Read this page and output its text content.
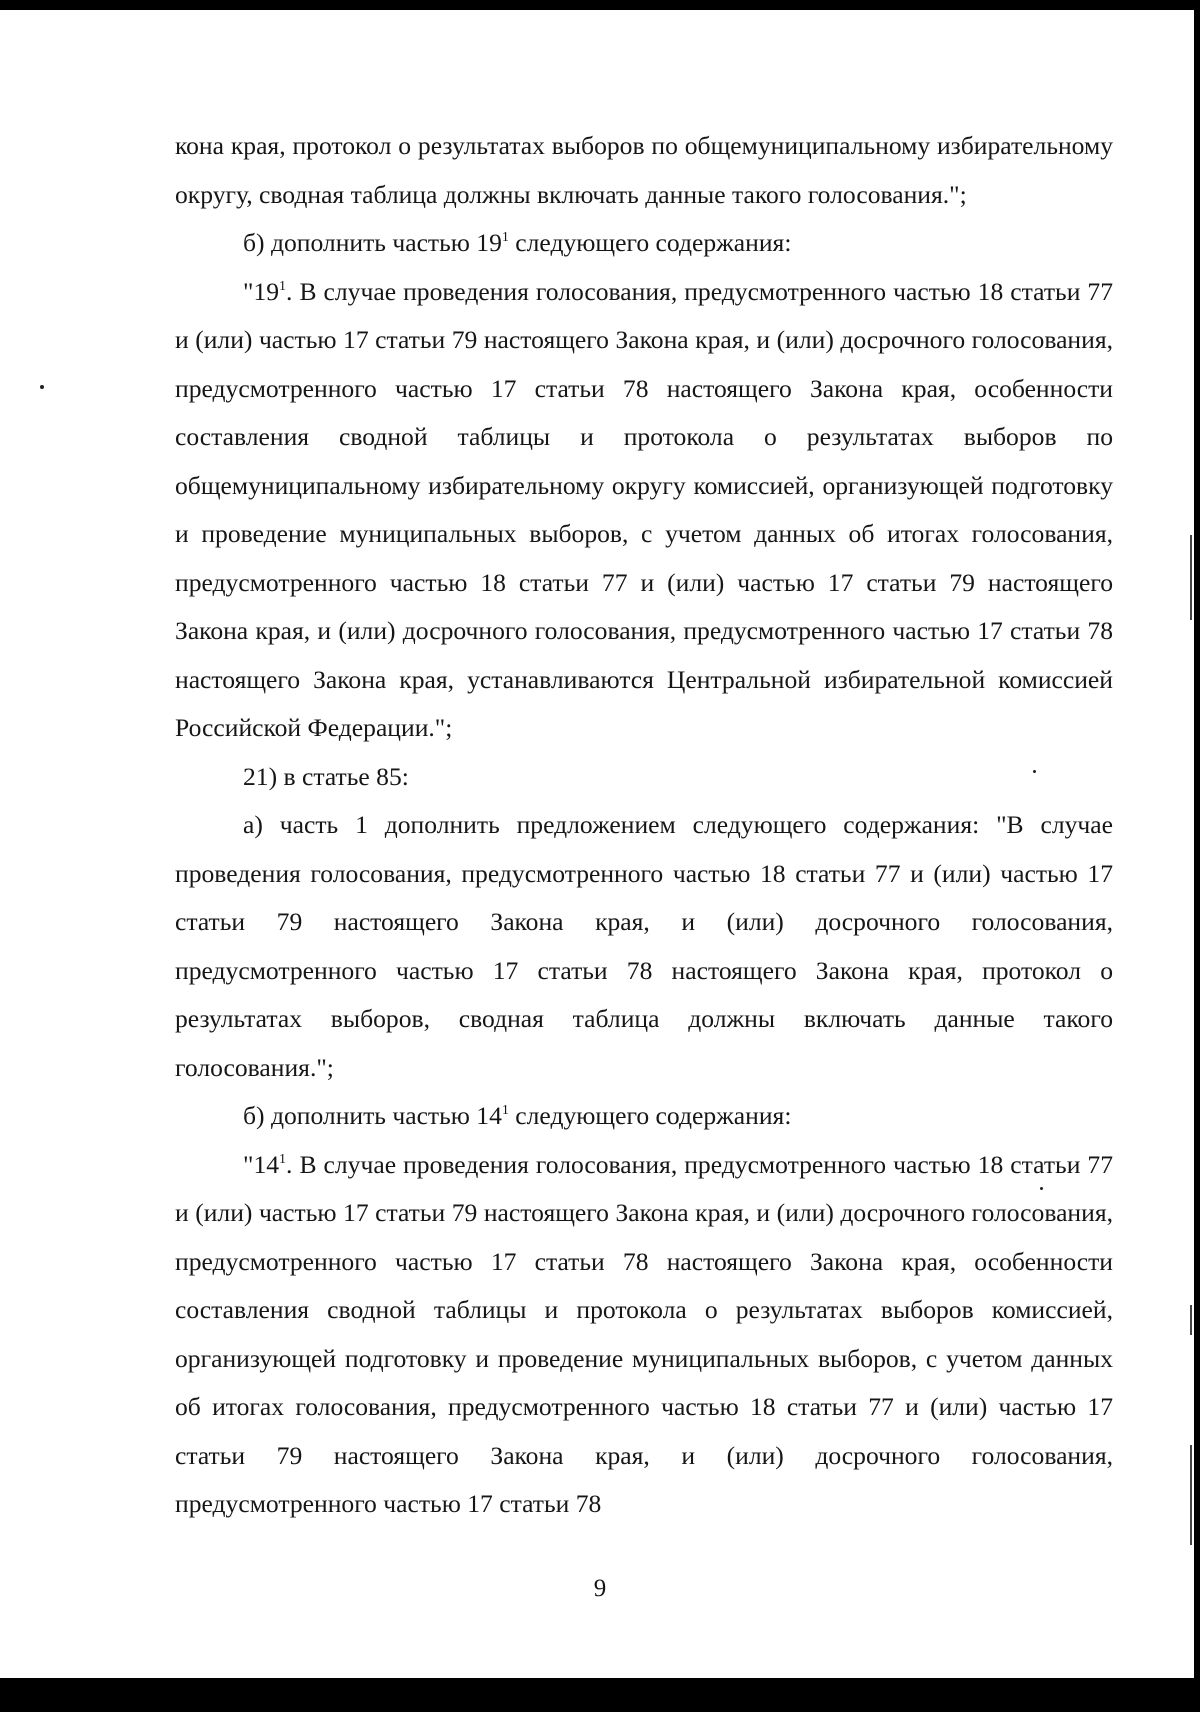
кона края, протокол о результатах выборов по общемуниципальному избирательному округу, сводная таблица должны включать данные такого голосования.";

б) дополнить частью $19^1$ следующего содержания:

"$19^1$. В случае проведения голосования, предусмотренного частью 18 статьи 77 и (или) частью 17 статьи 79 настоящего Закона края, и (или) досрочного голосования, предусмотренного частью 17 статьи 78 настоящего Закона края, особенности составления сводной таблицы и протокола о результатах выборов по общемуниципальному избирательному округу комиссией, организующей подготовку и проведение муниципальных выборов, с учетом данных об итогах голосования, предусмотренного частью 18 статьи 77 и (или) частью 17 статьи 79 настоящего Закона края, и (или) досрочного голосования, предусмотренного частью 17 статьи 78 настоящего Закона края, устанавливаются Центральной избирательной комиссией Российской Федерации.";

21) в статье 85:

а) часть 1 дополнить предложением следующего содержания: "В случае проведения голосования, предусмотренного частью 18 статьи 77 и (или) частью 17 статьи 79 настоящего Закона края, и (или) досрочного голосования, предусмотренного частью 17 статьи 78 настоящего Закона края, протокол о результатах выборов, сводная таблица должны включать данные такого голосования.";

б) дополнить частью $14^1$ следующего содержания:

"$14^1$. В случае проведения голосования, предусмотренного частью 18 статьи 77 и (или) частью 17 статьи 79 настоящего Закона края, и (или) досрочного голосования, предусмотренного частью 17 статьи 78 настоящего Закона края, особенности составления сводной таблицы и протокола о результатах выборов комиссией, организующей подготовку и проведение муниципальных выборов, с учетом данных об итогах голосования, предусмотренного частью 18 статьи 77 и (или) частью 17 статьи 79 настоящего Закона края, и (или) досрочного голосования, предусмотренного частью 17 статьи 78

9
